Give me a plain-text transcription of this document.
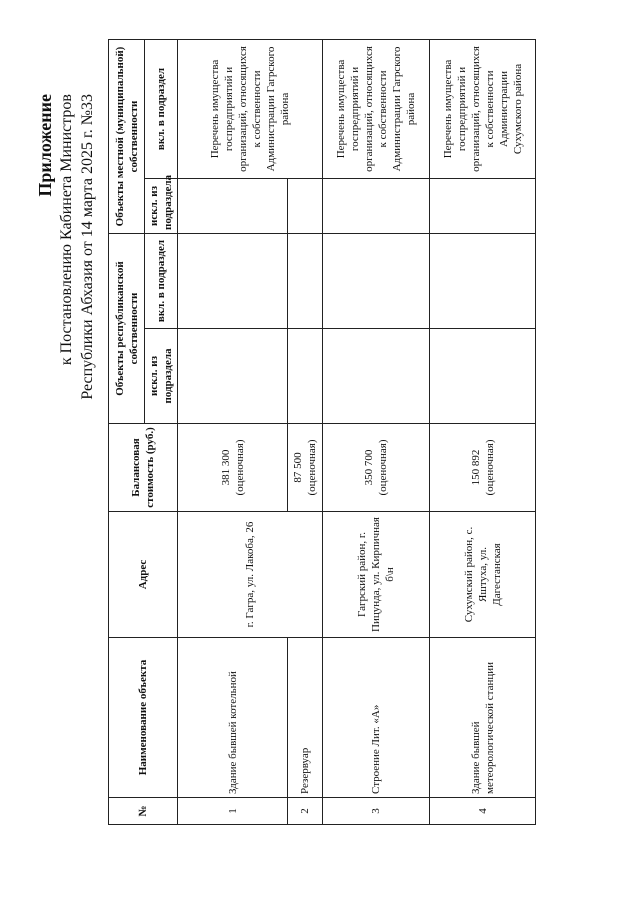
Приложение к Постановлению Кабинета Министров Республики Абхазия от 14 марта 2025 г. №33
№	Наименование объекта	Адрес	Балансовая стоимость (руб.)	Объекты республиканской собственности		Объекты местной (муниципальной) собственности	
				искл. из подраздела	вкл. в подраздел	искл. из подраздела	вкл. в подраздел
1	Здание бывшей котельной	г. Гагра, ул. Лакоба, 26	381 300 (оценочная)				Перечень имущества госпредприятий и организаций, относящихся к собственности Администрации Гагрского района
2	Резервуар		87 500 (оценочная)				
3	Строение Лит. «А»	Гагрский район, г. Пицунда, ул. Кирпичная б\н	350 700 (оценочная)				Перечень имущества госпредприятий и организаций, относящихся к собственности Администрации Гагрского района
4	Здание бывшей метеорологической станции	Сухумский район, с. Яштуха, ул. Дагестанская	150 892 (оценочная)				Перечень имущества госпредприятий и организаций, относящихся к собственности Администрации Сухумского района
